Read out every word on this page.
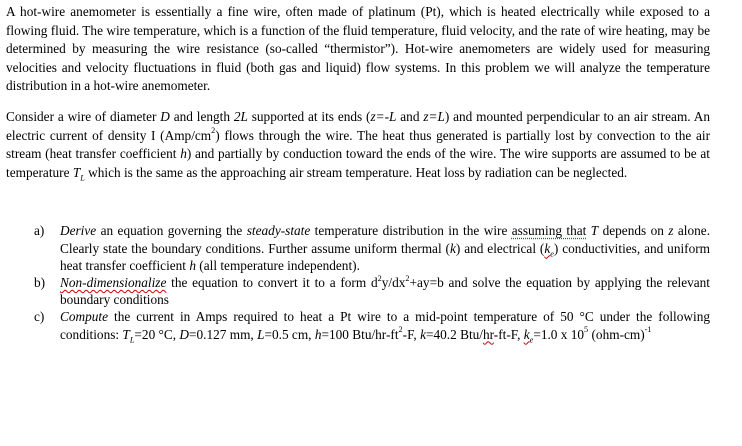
A hot-wire anemometer is essentially a fine wire, often made of platinum (Pt), which is heated electrically while exposed to a flowing fluid. The wire temperature, which is a function of the fluid temperature, fluid velocity, and the rate of wire heating, may be determined by measuring the wire resistance (so-called “thermistor”). Hot-wire anemometers are widely used for measuring velocities and velocity fluctuations in fluid (both gas and liquid) flow systems. In this problem we will analyze the temperature distribution in a hot-wire anemometer.

Consider a wire of diameter D and length 2L supported at its ends (z=-L and z=L) and mounted perpendicular to an air stream. An electric current of density I $(Amp/cm^2)$ flows through the wire. The heat thus generated is partially lost by convection to the air stream (heat transfer coefficient h) and partially by conduction toward the ends of the wire. The wire supports are assumed to be at temperature $T_L$ which is the same as the approaching air stream temperature. Heat loss by radiation can be neglected.

a) Derive an equation governing the steady-state temperature distribution in the wire assuming that T depends on z alone. Clearly state the boundary conditions. Further assume uniform thermal (k) and electrical $(k_e)$ conductivities, and uniform heat transfer coefficient h (all temperature independent).
b) Non-dimensionalize the equation to convert it to a form $d^2y/dx^2+ay=b$ and solve the equation by applying the relevant boundary conditions
c) Compute the current in Amps required to heat a Pt wire to a mid-point temperature of 50 °C under the following conditions: $T_L=20$ °C, D=0.127 mm, L=0.5 cm, h=100 Btu/$hr-ft^2-F$, k=40.2 Btu/hr-ft-F, $k_e=1.0$ x $10^5$ $(ohm-cm)^{-1}$
